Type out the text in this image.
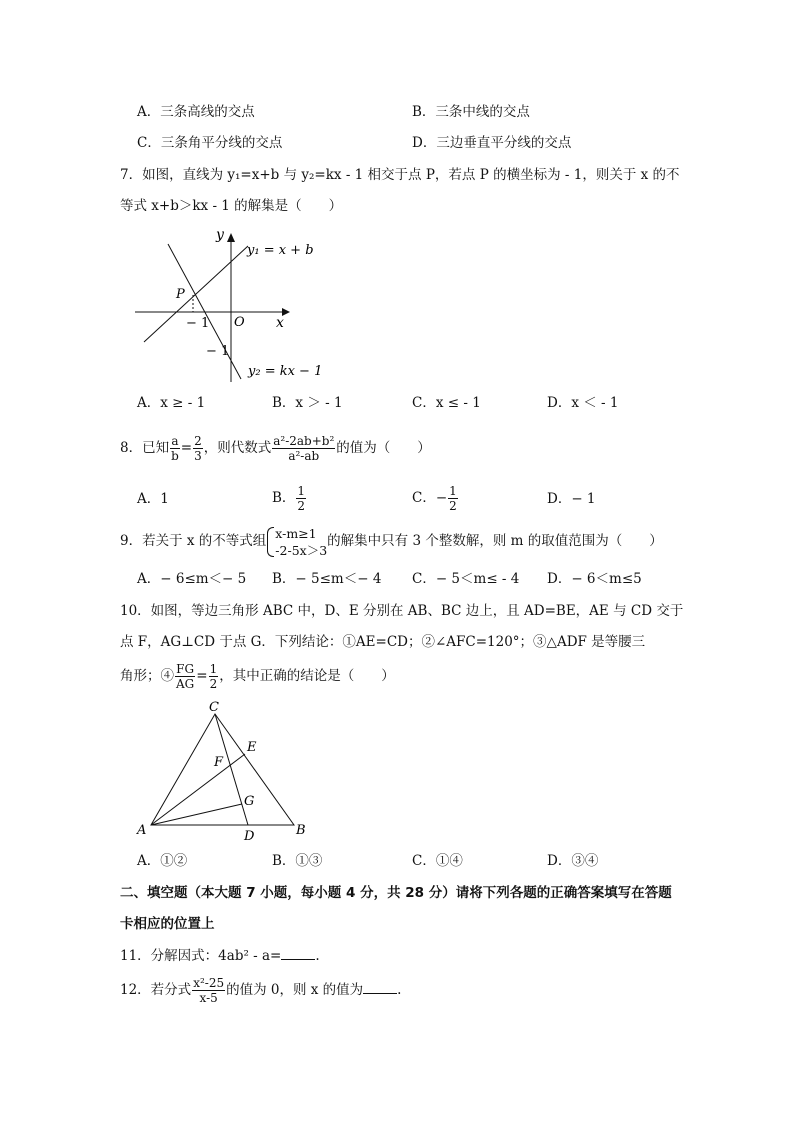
A．三条高线的交点	B．三条中线的交点
C．三条角平分线的交点	D．三边垂直平分线的交点
7．如图，直线为 y₁=x+b 与 y₂=kx - 1 相交于点 P，若点 P 的横坐标为 - 1，则关于 x 的不
等式 x+b＞kx - 1 的解集是（　　）
y
x
O
P
− 1
− 1
y₁ = x + b
y₂ = kx − 1
A．x ≥ - 1	B．x ＞ - 1	C．x ≤ - 1	D．x ＜ - 1
8．已知 $\frac{a}{b} = \frac{2}{3}$ ，则代数式 $\frac{\text{a²-2ab+b²}}{\text{a²-ab}}$ 的值为（　　）
A．1	B． $\frac{1}{2}$	C．− $\frac{1}{2}$	D．− 1
9．若关于 x 的不等式组 x-m≥1
-2-5x＞3
的解集中只有 3 个整数解，则 m 的取值范围为（　　）
A．− 6≤m＜− 5 B．− 5≤m＜− 4 C．− 5＜m≤ - 4 D．− 6＜m≤5
10．如图，等边三角形 ABC 中，D、E 分别在 AB、BC 边上，且 AD=BE，AE 与 CD 交于
点 F，AG⊥CD 于点 G．下列结论：①AE=CD；②∠AFC=120°；③△ADF 是等腰三
角形；④ $\frac{FG}{AG} = \frac{1}{2}$ ，其中正确的结论是（　　）
C
E
F
G
A	D	B
A．①②	B．①③	C．①④	D．③④
二、填空题（本大题 7 小题，每小题 4 分，共 28 分）请将下列各题的正确答案填写在答题
卡相应的位置上
11．分解因式：4ab² - a=	.
12．若分式 $\frac{\text{x²-25}}{x-5}$ 的值为 0，则 x 的值为	.
